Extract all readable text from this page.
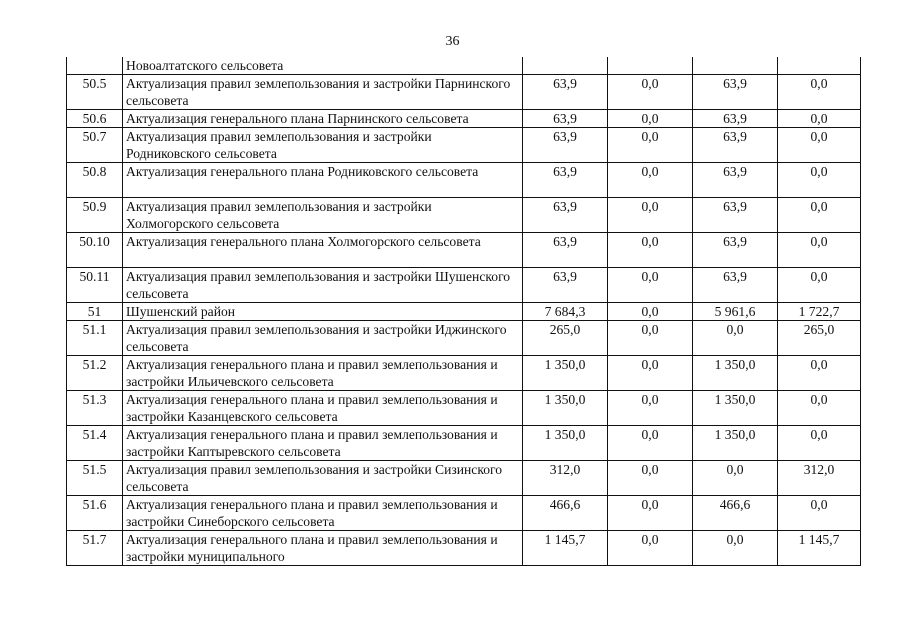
36
	Новоалтатского сельсовета				
50.5	Актуализация правил землепользования и застройки Парнинского сельсовета	63,9	0,0	63,9	0,0
50.6	Актуализация генерального плана Парнинского сельсовета	63,9	0,0	63,9	0,0
50.7	Актуализация правил землепользования и застройки Родниковского сельсовета	63,9	0,0	63,9	0,0
50.8	Актуализация генерального плана Родниковского сельсовета	63,9	0,0	63,9	0,0
50.9	Актуализация правил землепользования и застройки Холмогорского сельсовета	63,9	0,0	63,9	0,0
50.10	Актуализация генерального плана Холмогорского сельсовета	63,9	0,0	63,9	0,0
50.11	Актуализация правил землепользования и застройки Шушенского сельсовета	63,9	0,0	63,9	0,0
51	Шушенский район	7 684,3	0,0	5 961,6	1 722,7
51.1	Актуализация правил землепользования и застройки Иджинского сельсовета	265,0	0,0	0,0	265,0
51.2	Актуализация генерального плана и правил землепользования и застройки Ильичевского сельсовета	1 350,0	0,0	1 350,0	0,0
51.3	Актуализация генерального плана и правил землепользования и застройки Казанцевского сельсовета	1 350,0	0,0	1 350,0	0,0
51.4	Актуализация генерального плана и правил землепользования и застройки Каптыревского сельсовета	1 350,0	0,0	1 350,0	0,0
51.5	Актуализация правил землепользования и застройки Сизинского сельсовета	312,0	0,0	0,0	312,0
51.6	Актуализация генерального плана и правил землепользования и застройки Синеборского сельсовета	466,6	0,0	466,6	0,0
51.7	Актуализация генерального плана и правил землепользования и застройки муниципального	1 145,7	0,0	0,0	1 145,7
